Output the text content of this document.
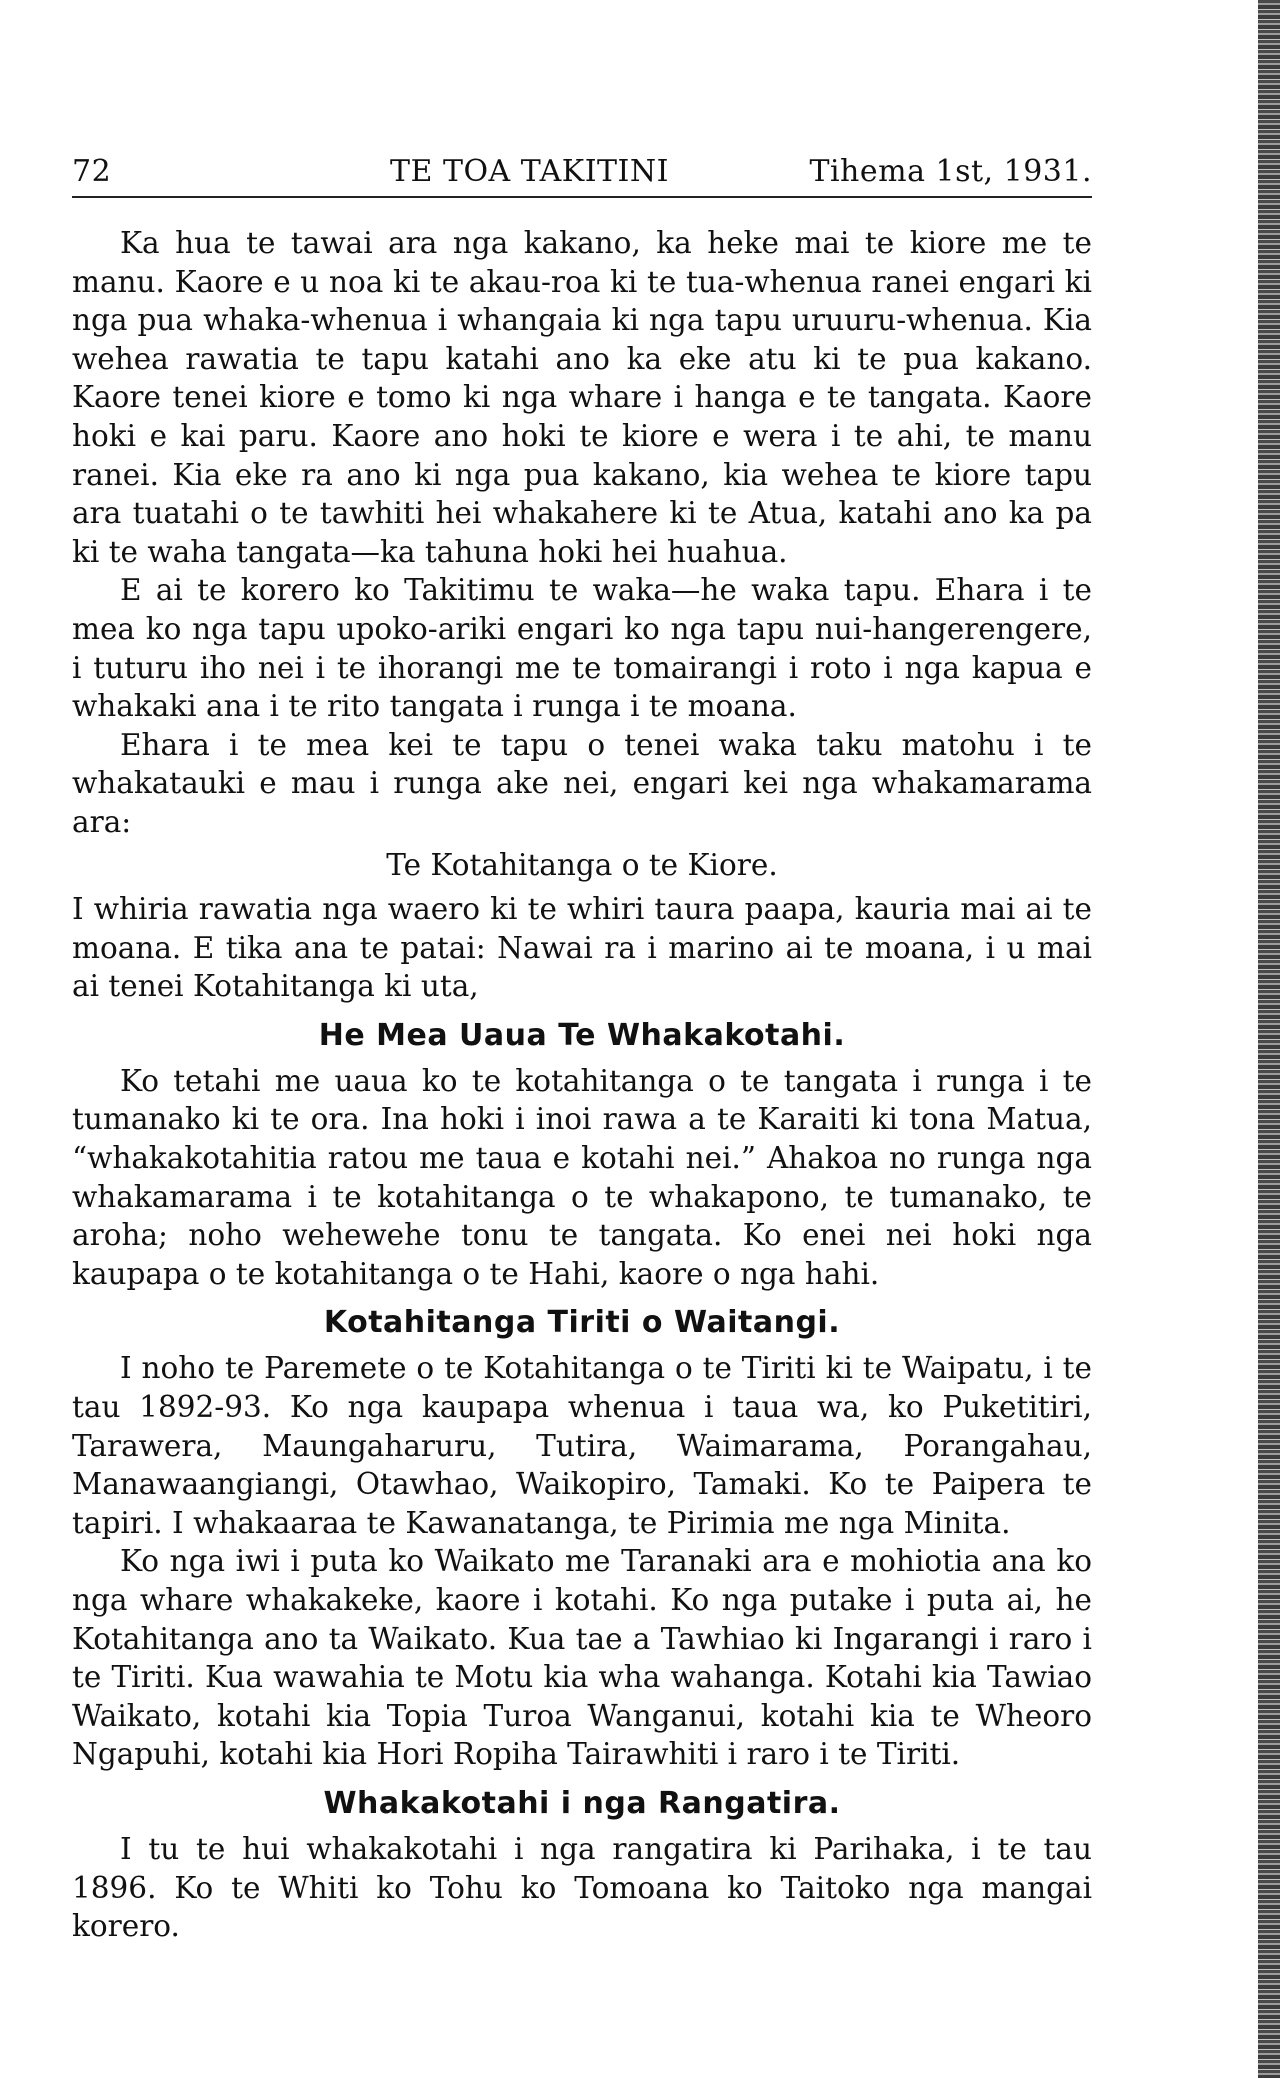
72	TE TOA TAKITINI	Tihema 1st, 1931.

Ka hua te tawai ara nga kakano, ka heke mai te kiore me te manu. Kaore e u noa ki te akau-roa ki te tua-whenua ranei engari ki nga pua whaka-whenua i whangaia ki nga tapu uruuru-whenua. Kia wehea rawatia te tapu katahi ano ka eke atu ki te pua kakano. Kaore tenei kiore e tomo ki nga whare i hanga e te tangata. Kaore hoki e kai paru. Kaore ano hoki te kiore e wera i te ahi, te manu ranei. Kia eke ra ano ki nga pua kakano, kia wehea te kiore tapu ara tuatahi o te tawhiti hei whakahere ki te Atua, katahi ano ka pa ki te waha tangata—ka tahuna hoki hei huahua.

E ai te korero ko Takitimu te waka—he waka tapu. Ehara i te mea ko nga tapu upoko-ariki engari ko nga tapu nui-hangerengere, i tuturu iho nei i te ihorangi me te tomairangi i roto i nga kapua e whakaki ana i te rito tangata i runga i te moana.

Ehara i te mea kei te tapu o tenei waka taku matohu i te whakatauki e mau i runga ake nei, engari kei nga whakamarama ara:

Te Kotahitanga o te Kiore.

I whiria rawatia nga waero ki te whiri taura paapa, kauria mai ai te moana. E tika ana te patai: Nawai ra i marino ai te moana, i u mai ai tenei Kotahitanga ki uta,

He Mea Uaua Te Whakakotahi.

Ko tetahi me uaua ko te kotahitanga o te tangata i runga i te tumanako ki te ora. Ina hoki i inoi rawa a te Karaiti ki tona Matua, “whakakotahitia ratou me taua e kotahi nei.” Ahakoa no runga nga whakamarama i te kotahitanga o te whakapono, te tumanako, te aroha; noho wehewehe tonu te tangata. Ko enei nei hoki nga kaupapa o te kotahitanga o te Hahi, kaore o nga hahi.

Kotahitanga Tiriti o Waitangi.

I noho te Paremete o te Kotahitanga o te Tiriti ki te Waipatu, i te tau 1892-93. Ko nga kaupapa whenua i taua wa, ko Puketitiri, Tarawera, Maungaharuru, Tutira, Waimarama, Porangahau, Manawaangiangi, Otawhao, Waikopiro, Tamaki. Ko te Paipera te tapiri. I whakaaraa te Kawanatanga, te Pirimia me nga Minita.

Ko nga iwi i puta ko Waikato me Taranaki ara e mohiotia ana ko nga whare whakakeke, kaore i kotahi. Ko nga putake i puta ai, he Kotahitanga ano ta Waikato. Kua tae a Tawhiao ki Ingarangi i raro i te Tiriti. Kua wawahia te Motu kia wha wahanga. Kotahi kia Tawiao Waikato, kotahi kia Topia Turoa Wanganui, kotahi kia te Wheoro Ngapuhi, kotahi kia Hori Ropiha Tairawhiti i raro i te Tiriti.

Whakakotahi i nga Rangatira.

I tu te hui whakakotahi i nga rangatira ki Parihaka, i te tau 1896. Ko te Whiti ko Tohu ko Tomoana ko Taitoko nga mangai korero.
